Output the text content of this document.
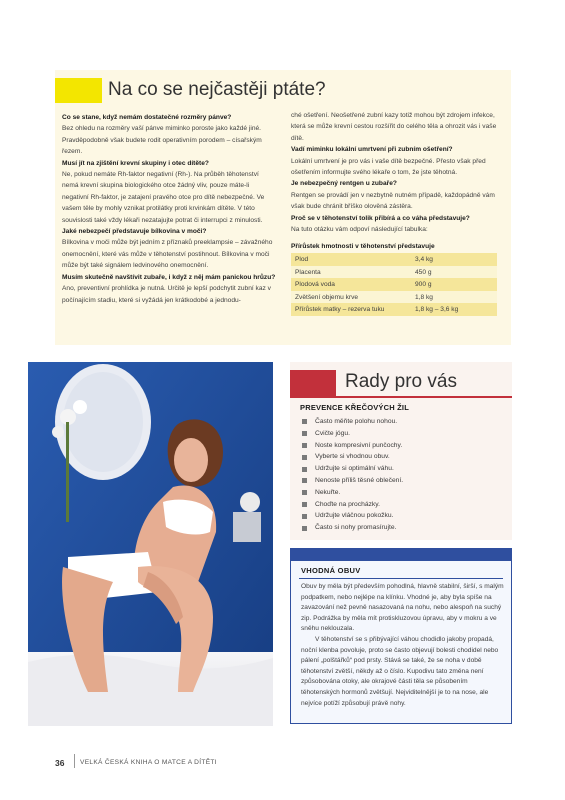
Na co se nejčastěji ptáte?
Co se stane, když nemám dostatečné rozměry pánve?
Bez ohledu na rozměry vaší pánve miminko poroste jako každé jiné. Pravděpodobně však budete rodit operativním porodem – císařským řezem.
Musí jít na zjištění krevní skupiny i otec dítěte?
Ne, pokud nemáte Rh-faktor negativní (Rh-). Na průběh těhotenství nemá krevní skupina biologického otce žádný vliv, pouze máte-li negativní Rh-faktor, je zatajení pravého otce pro dítě nebezpečné. Ve vašem těle by mohly vznikat protilátky proti krvinkám dítěte. V této souvislosti také vždy lékaři nezatajujte potrat či interrupci z minulosti.
Jaké nebezpečí představuje bílkovina v moči?
Bílkovina v moči může být jedním z příznaků preeklampsie – závažného onemocnění, které vás může v těhotenství postihnout. Bílkovina v moči může být také signálem ledvinového onemocnění.
Musím skutečně navštívit zubaře, i když z něj mám panickou hrůzu?
Ano, preventivní prohlídka je nutná. Určitě je lepší podchytit zubní kaz v počínajícím stadiu, které si vyžádá jen krátkodobé a jednodu-
ché ošetření. Neošetřené zubní kazy totiž mohou být zdrojem infekce, která se může krevní cestou rozšířit do celého těla a ohrozit vás i vaše dítě.
Vadí miminku lokální umrtvení při zubním ošetření?
Lokální umrtvení je pro vás i vaše dítě bezpečné. Přesto však před ošetřením informujte svého lékaře o tom, že jste těhotná.
Je nebezpečný rentgen u zubaře?
Rentgen se provádí jen v nezbytně nutném případě, každopádně vám však bude chránit bříško olověná zástěra.
Proč se v těhotenství tolik přibírá a co váha představuje?
Na tuto otázku vám odpoví následující tabulka:
Přírůstek hmotnosti v těhotenství představuje
Plod	3,4 kg
Placenta	450 g
Plodová voda	900 g
Zvětšení objemu krve	1,8 kg
Přírůstek matky – rezerva tuku	1,8 kg – 3,6 kg
Rady pro vás
PREVENCE KŘEČOVÝCH ŽIL
Často měňte polohu nohou.
Cvičte jógu.
Noste kompresivní punčochy.
Vyberte si vhodnou obuv.
Udržujte si optimální váhu.
Nenoste příliš těsné oblečení.
Nekuřte.
Choďte na procházky.
Udržujte vláčnou pokožku.
Často si nohy promasírujte.
VHODNÁ OBUV

Obuv by měla být především pohodlná, hlavně stabilní, širší, s malým podpatkem, nebo nejlépe na klínku. Vhodné je, aby byla spíše na zavazování než pevně nasazovaná na nohu, nebo alespoň na suchý zip. Podrážka by měla mít protiskluzovou úpravu, aby v mokru a ve sněhu neklouzala.

V těhotenství se s přibývající váhou chodidlo jakoby propadá, noční klenba povoluje, proto se často objevují bolesti chodidel nebo pálení „polštářků“ pod prsty. Stává se také, že se noha v době těhotenství zvětší, někdy až o číslo. Kupodivu tato změna není způsobována otoky, ale okrajové části těla se působením těhotenských hormonů zvětšují. Nejviditelnější je to na nose, ale nejvíce potíží způsobují právě nohy.

36 VELKÁ ČESKÁ KNIHA O MATCE A DÍTĚTI
